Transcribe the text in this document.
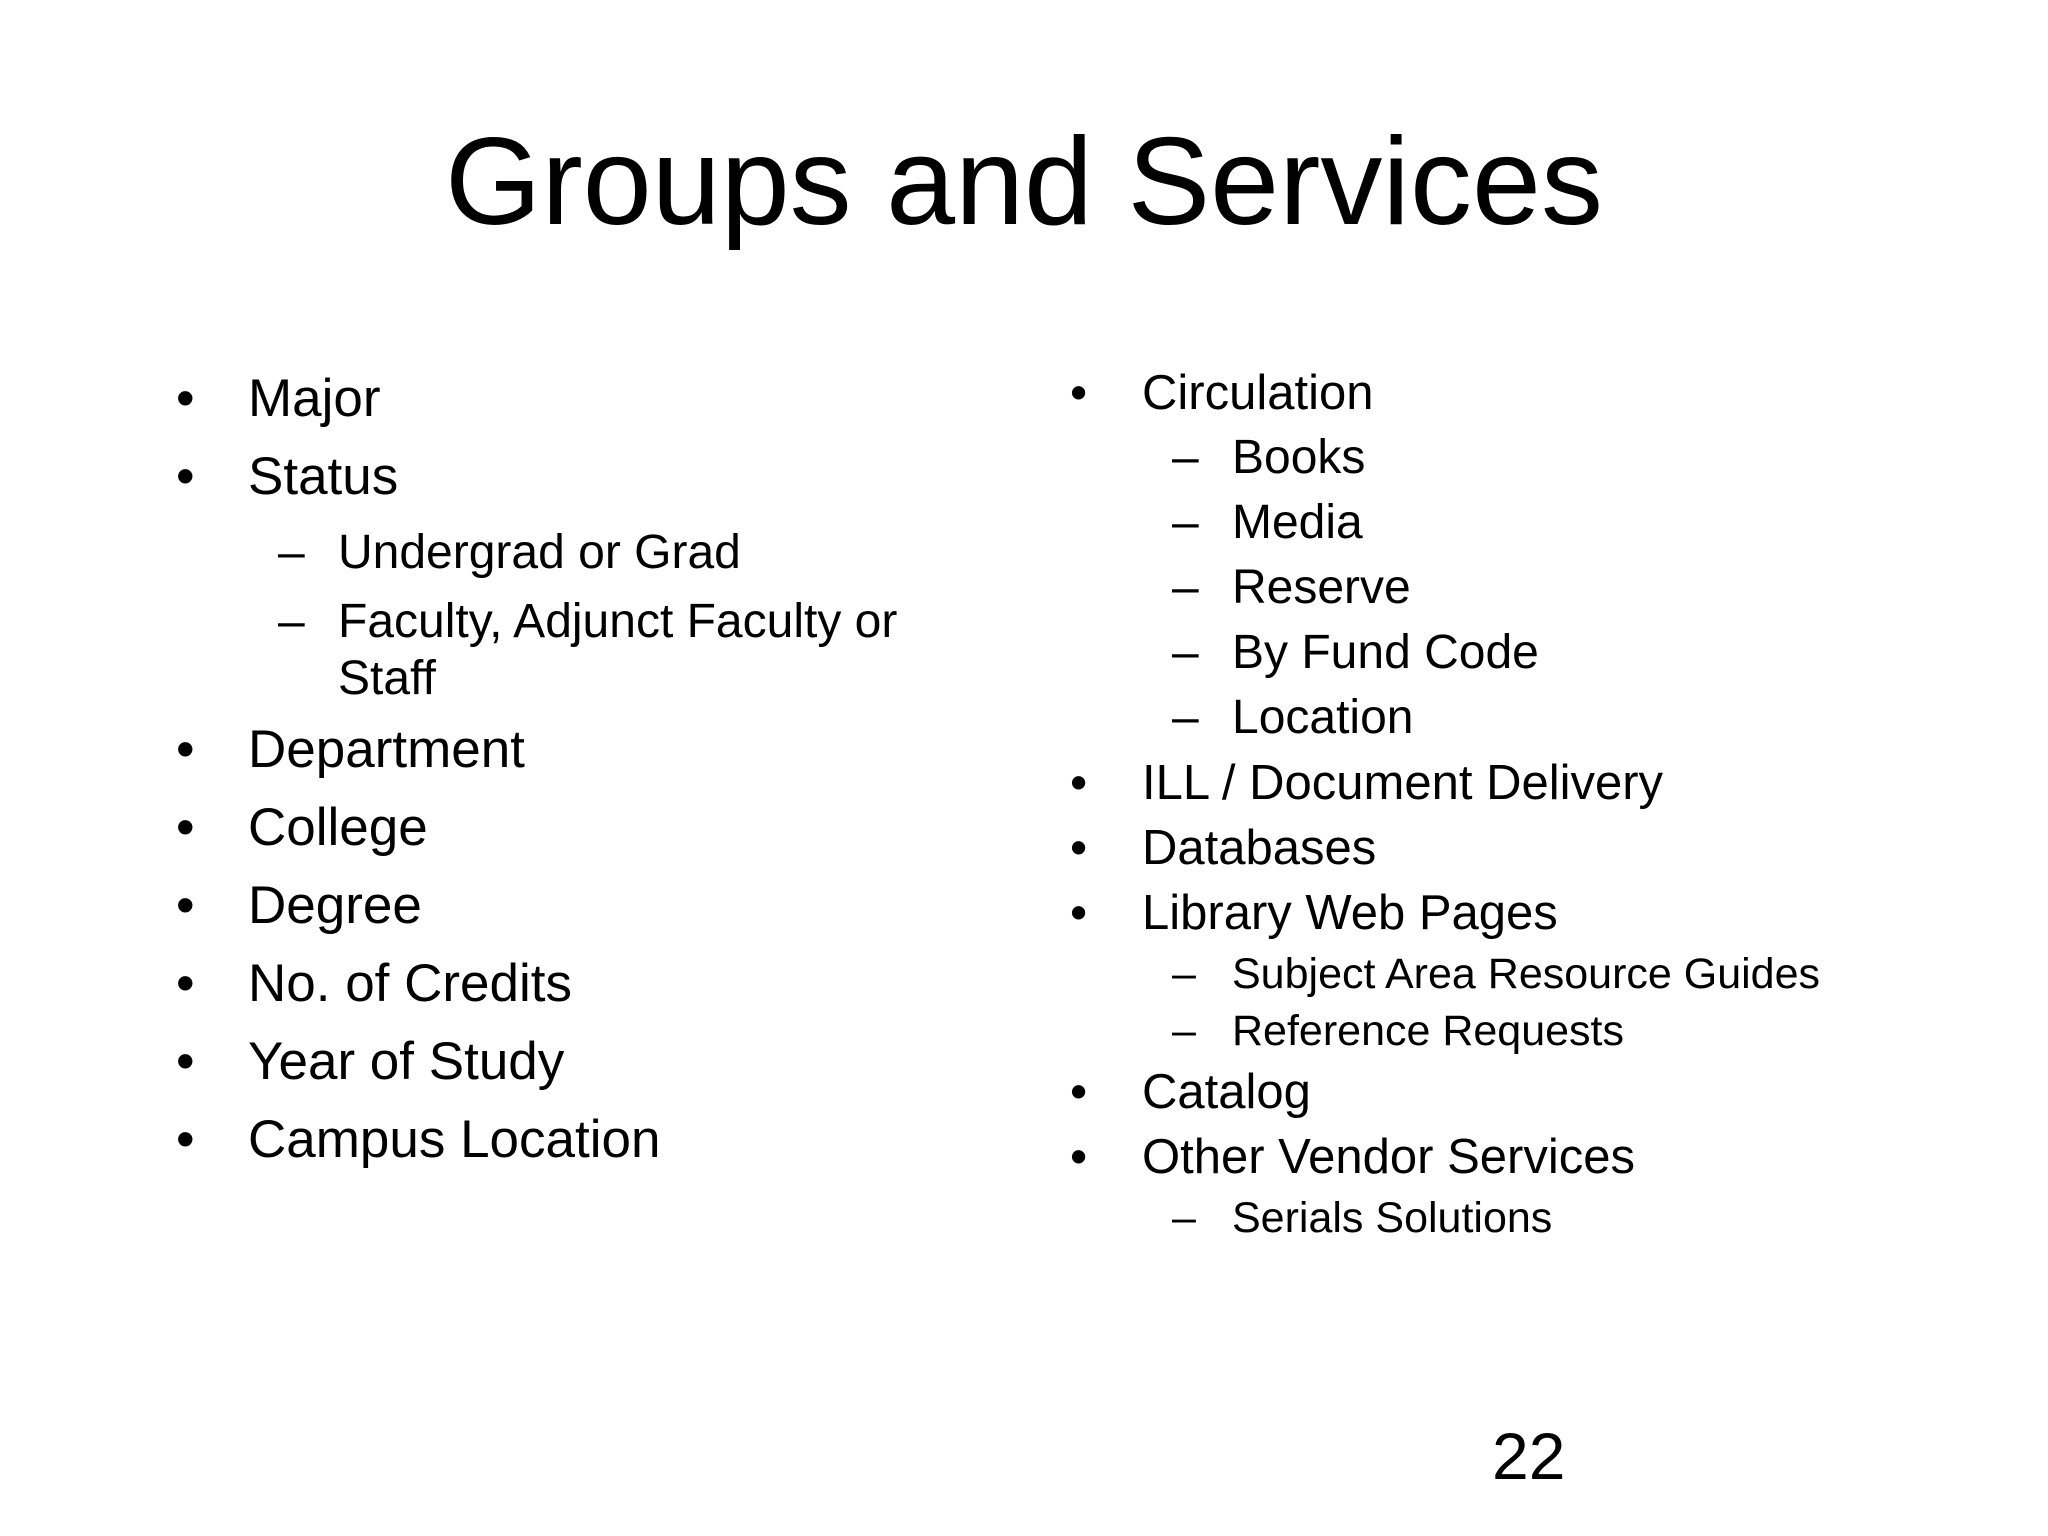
Groups and Services
• Major
• Status
– Undergrad or Grad
– Faculty, Adjunct Faculty or
Staff
• Department
• College
• Degree
• No. of Credits
• Year of Study
• Campus Location
• Circulation
– Books
– Media
– Reserve
– By Fund Code
– Location
• ILL / Document Delivery
• Databases
• Library Web Pages
– Subject Area Resource Guides
– Reference Requests
• Catalog
• Other Vendor Services
– Serials Solutions
22
